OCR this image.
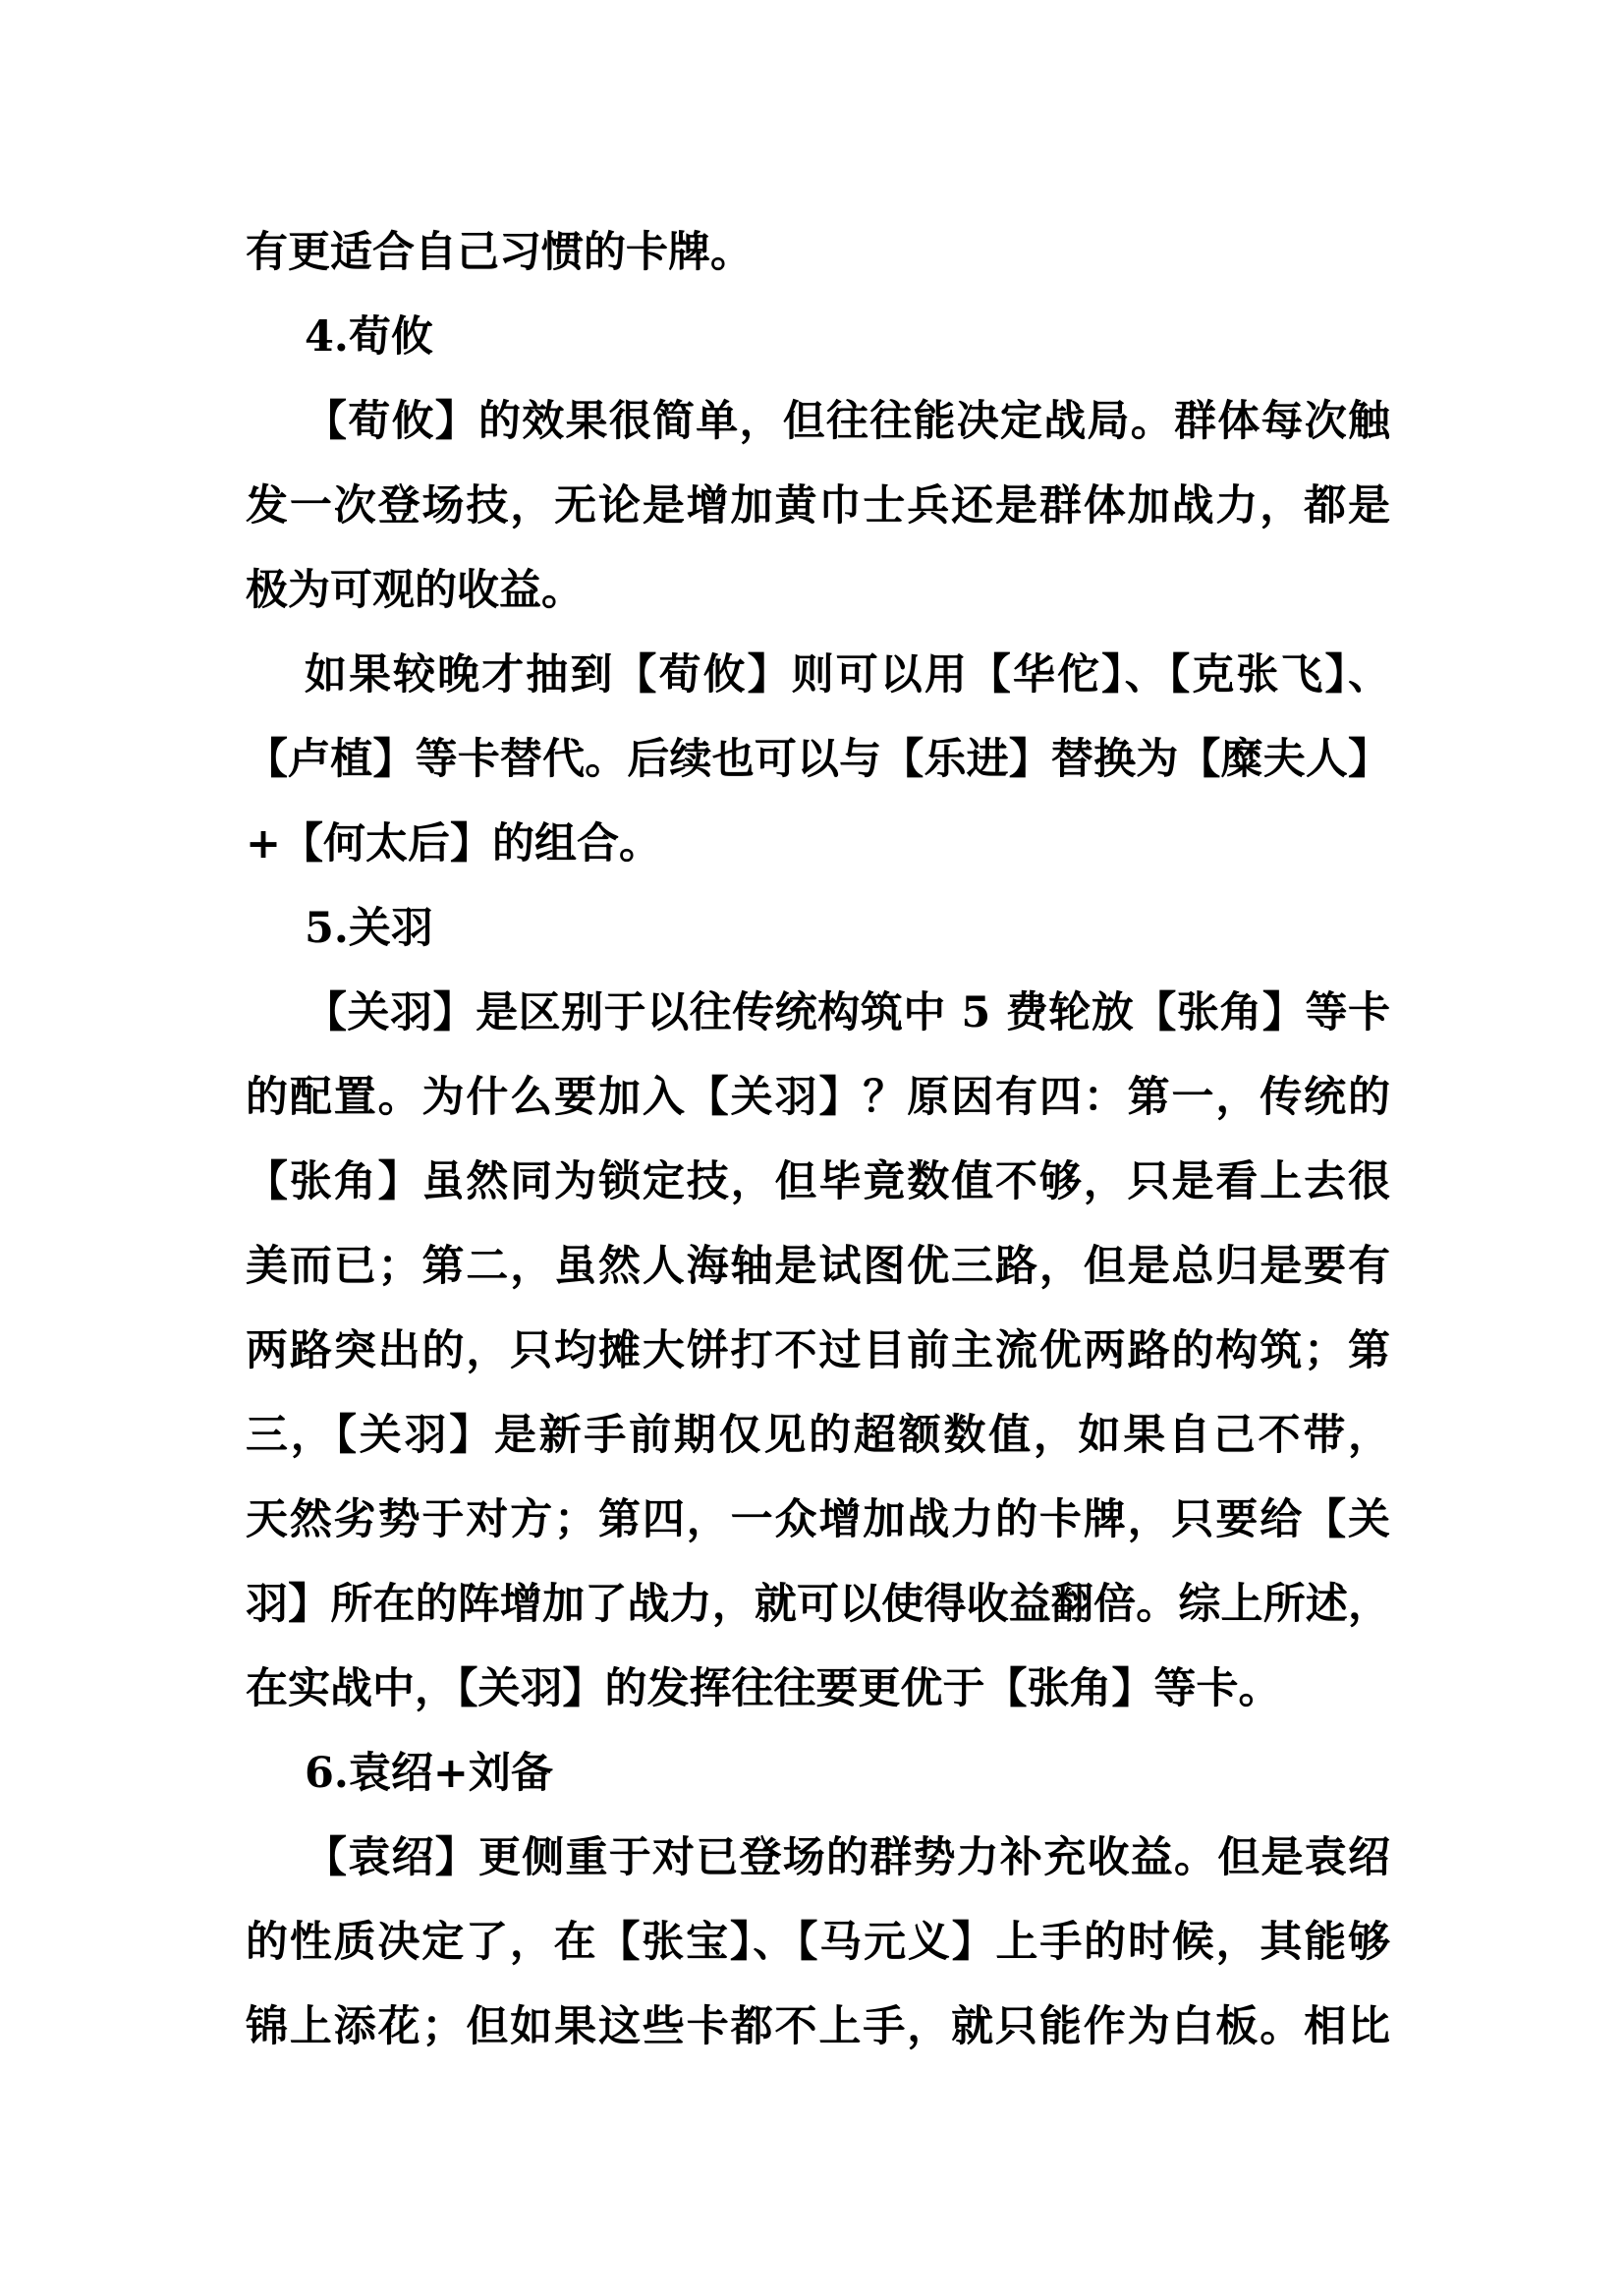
有更适合自己习惯的卡牌。
4.荀攸
【荀攸】的效果很简单，但往往能决定战局。群体每次触
发一次登场技，无论是增加黄巾士兵还是群体加战力，都是
极为可观的收益。
如果较晚才抽到【荀攸】则可以用【华佗】、【克张飞】、
【卢植】等卡替代。后续也可以与【乐进】替换为【糜夫人】
+【何太后】的组合。
5.关羽
【关羽】是区别于以往传统构筑中 5 费轮放【张角】等卡
的配置。为什么要加入【关羽】？原因有四：第一，传统的
【张角】虽然同为锁定技，但毕竟数值不够，只是看上去很
美而已；第二，虽然人海轴是试图优三路，但是总归是要有
两路突出的，只均摊大饼打不过目前主流优两路的构筑；第
三，【关羽】是新手前期仅见的超额数值，如果自己不带，
天然劣势于对方；第四，一众增加战力的卡牌，只要给【关
羽】所在的阵增加了战力，就可以使得收益翻倍。综上所述，
在实战中，【关羽】的发挥往往要更优于【张角】等卡。
6.袁绍+刘备
【袁绍】更侧重于对已登场的群势力补充收益。但是袁绍
的性质决定了，在【张宝】、【马元义】上手的时候，其能够
锦上添花；但如果这些卡都不上手，就只能作为白板。相比
